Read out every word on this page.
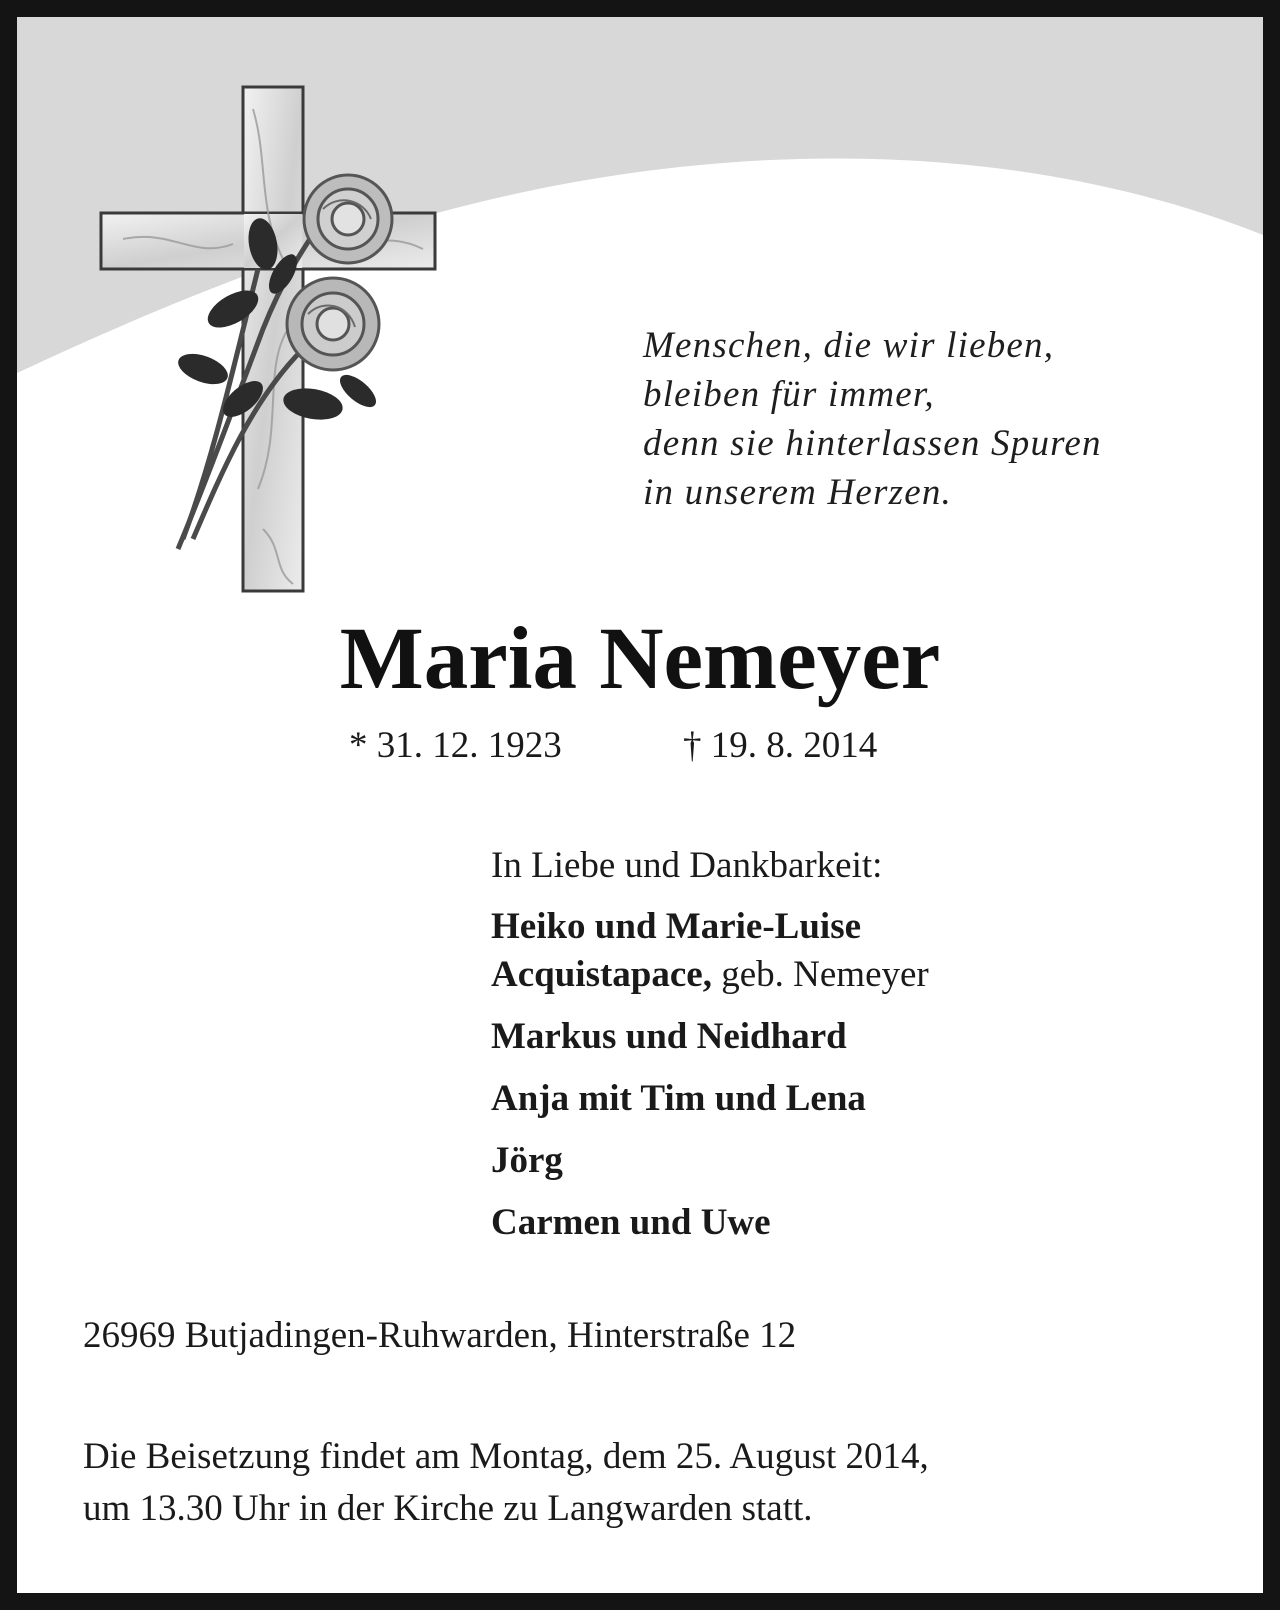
Menschen, die wir lieben,
bleiben für immer,
denn sie hinterlassen Spuren
in unserem Herzen.
Maria Nemeyer
* 31. 12. 1923	† 19. 8. 2014
In Liebe und Dankbarkeit:
Heiko und Marie-Luise
Acquistapace, geb. Nemeyer
Markus und Neidhard
Anja mit Tim und Lena
Jörg
Carmen und Uwe
26969 Butjadingen-Ruhwarden, Hinterstraße 12
Die Beisetzung findet am Montag, dem 25. August 2014,
um 13.30 Uhr in der Kirche zu Langwarden statt.
